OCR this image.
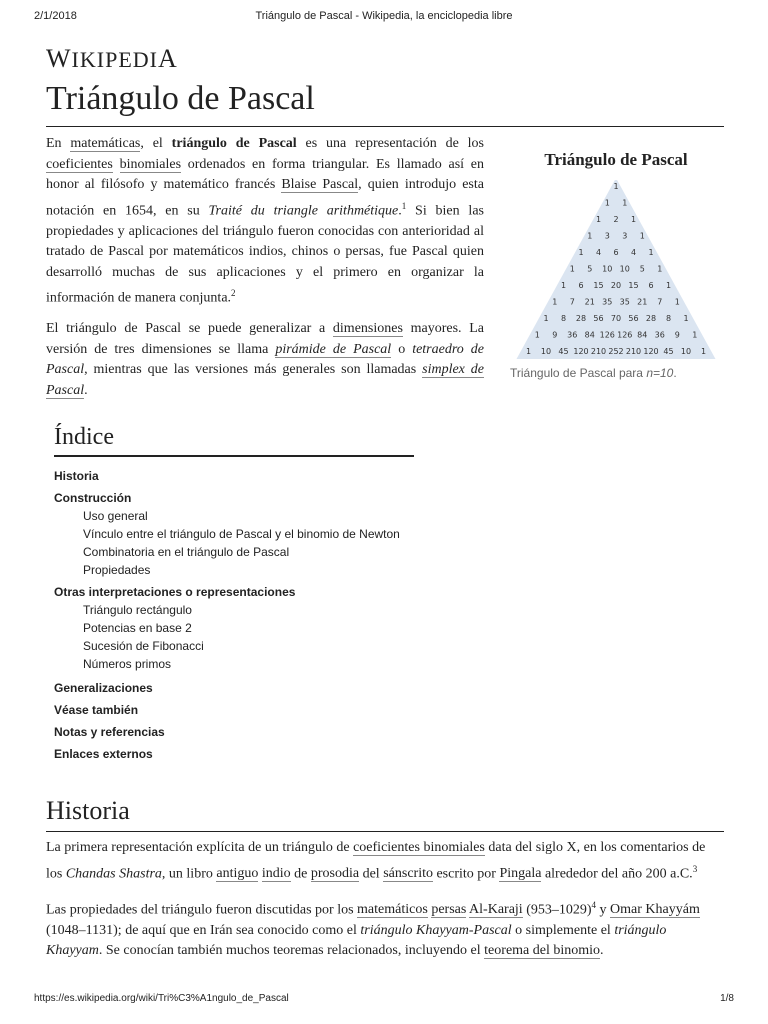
2/1/2018	Triángulo de Pascal - Wikipedia, la enciclopedia libre
WIKIPEDIA
Triángulo de Pascal

En matemáticas, el triángulo de Pascal es una representación de los coeficientes binomiales ordenados en forma triangular. Es llamado así en honor al filósofo y matemático francés Blaise Pascal, quien introdujo esta notación en 1654, en su Traité du triangle arithmétique.$^1$ Si bien las propiedades y aplicaciones del triángulo fueron conocidas con anterioridad al tratado de Pascal por matemáticos indios, chinos o persas, fue Pascal quien desarrolló muchas de sus aplicaciones y el primero en organizar la información de manera conjunta.$^2$

El triángulo de Pascal se puede generalizar a dimensiones mayores. La versión de tres dimensiones se llama pirámide de Pascal o tetraedro de Pascal, mientras que las versiones más generales son llamadas simplex de Pascal.

Triángulo de Pascal
1
1 1
1 2 1
1 3 3 1
1 4 6 4 1
1 5 10 10 5 1
1 6 15 20 15 6 1
1 7 21 35 35 21 7 1
1 8 28 56 70 56 28 8 1
1 9 36 84 126 126 84 36 9 1
1 10 45 120 210 252 210 120 45 10 1
Triángulo de Pascal para n=10.
Índice
Historia
Construcción
Uso general
Vínculo entre el triángulo de Pascal y el binomio de Newton
Combinatoria en el triángulo de Pascal
Propiedades
Otras interpretaciones o representaciones
Triángulo rectángulo
Potencias en base 2
Sucesión de Fibonacci
Números primos
Generalizaciones
Véase también
Notas y referencias
Enlaces externos
Historia

La primera representación explícita de un triángulo de coeficientes binomiales data del siglo X, en los comentarios de los Chandas Shastra, un libro antiguo indio de prosodia del sánscrito escrito por Pingala alrededor del año 200 a.C.$^3$

Las propiedades del triángulo fueron discutidas por los matemáticos persas Al-Karaji $(953-1029)^4$ y Omar Khayyám (1048–1131); de aquí que en Irán sea conocido como el triángulo Khayyam-Pascal o simplemente el triángulo Khayyam. Se conocían también muchos teoremas relacionados, incluyendo el teorema del binomio.

https://es.wikipedia.org/wiki/Tri%C3%A1ngulo_de_Pascal	1/8
